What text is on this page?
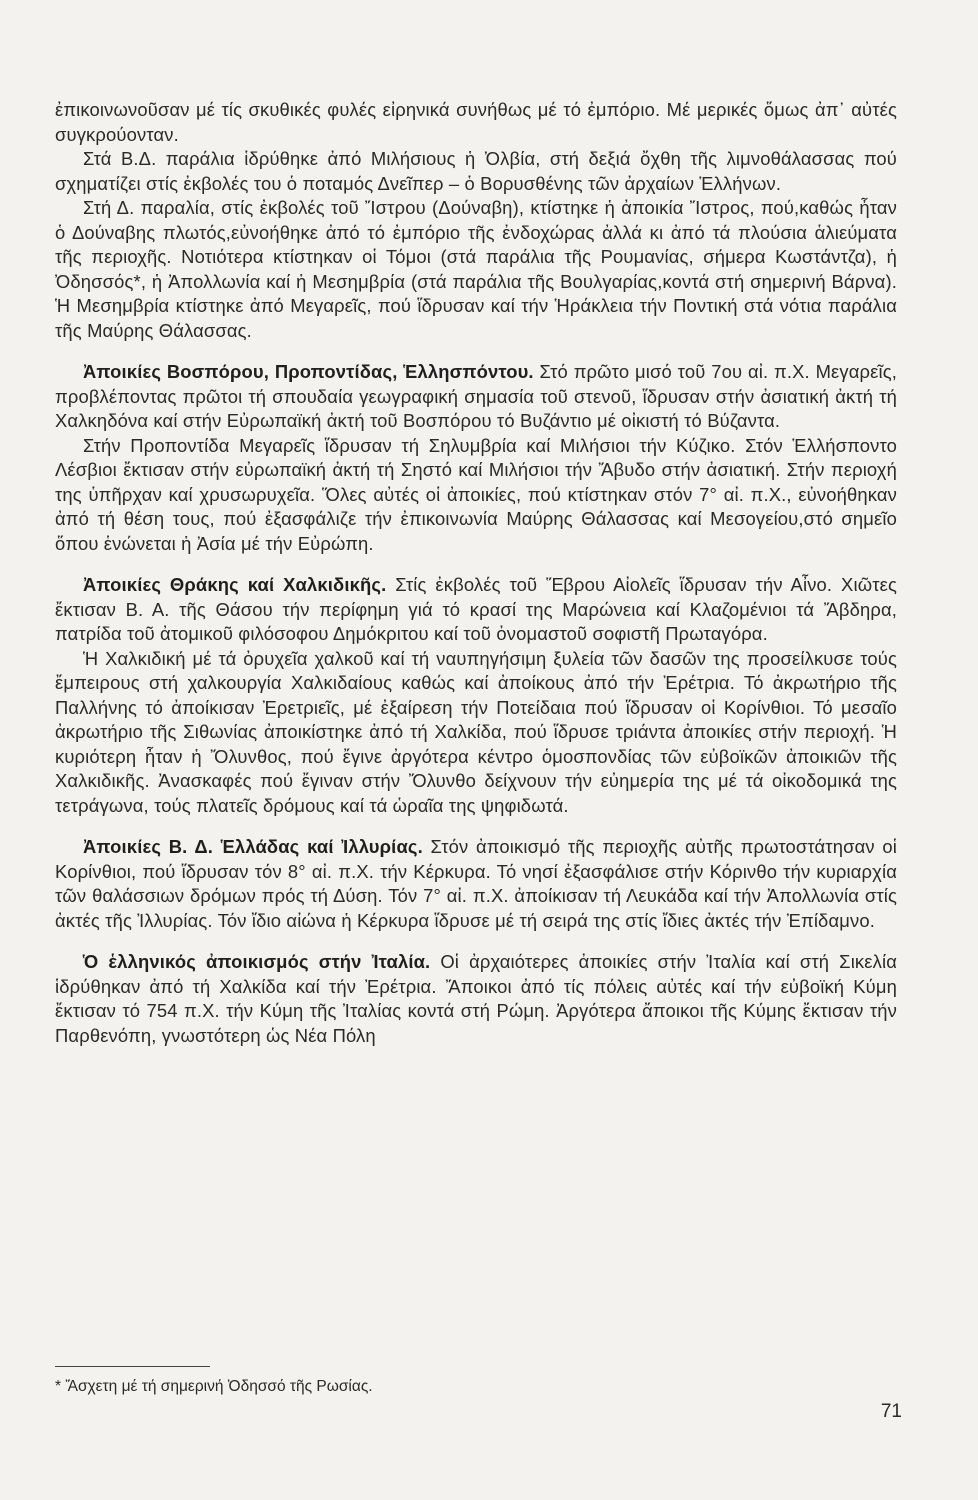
ἐπικοινωνοῦσαν μέ τίς σκυθικές φυλές εἰρηνικά συνήθως μέ τό ἐμπόριο. Μέ μερικές ὅμως ἀπ᾽ αὐτές συγκρούονταν.

Στά Β.Δ. παράλια ἱδρύθηκε ἀπό Μιλήσιους ἡ Ὀλβία, στή δεξιά ὄχθη τῆς λιμνοθάλασσας πού σχηματίζει στίς ἐκβολές του ὁ ποταμός Δνεῖπερ – ὁ Βορυσθένης τῶν ἀρχαίων Ἑλλήνων.

Στή Δ. παραλία, στίς ἐκβολές τοῦ Ἴστρου (Δούναβη), κτίστηκε ἡ ἀποικία Ἴστρος, πού,καθώς ἦταν ὁ Δούναβης πλωτός,εὐνοήθηκε ἀπό τό ἐμπόριο τῆς ἐνδοχώρας ἀλλά κι ἀπό τά πλούσια ἁλιεύματα τῆς περιοχῆς. Νοτιότερα κτίστηκαν οἱ Τόμοι (στά παράλια τῆς Ρουμανίας, σήμερα Κωστάντζα), ἡ Ὀδησσός*, ἡ Ἀπολλωνία καί ἡ Μεσημβρία (στά παράλια τῆς Βουλγαρίας,κοντά στή σημερινή Βάρνα). Ἡ Μεσημβρία κτίστηκε ἀπό Μεγαρεῖς, πού ἵδρυσαν καί τήν Ἡράκλεια τήν Ποντική στά νότια παράλια τῆς Μαύρης Θάλασσας.

Ἀποικίες Βοσπόρου, Προποντίδας, Ἑλλησπόντου. Στό πρῶτο μισό τοῦ 7ου αἰ. π.Χ. Μεγαρεῖς, προβλέποντας πρῶτοι τή σπουδαία γεωγραφική σημασία τοῦ στενοῦ, ἵδρυσαν στήν ἀσιατική ἀκτή τή Χαλκηδόνα καί στήν Εὐρωπαϊκή ἀκτή τοῦ Βοσπόρου τό Βυζάντιο μέ οἰκιστή τό Βύζαντα.

Στήν Προποντίδα Μεγαρεῖς ἵδρυσαν τή Σηλυμβρία καί Μιλήσιοι τήν Κύζικο. Στόν Ἑλλήσποντο Λέσβιοι ἔκτισαν στήν εὐρωπαϊκή ἀκτή τή Σηστό καί Μιλήσιοι τήν Ἄβυδο στήν ἀσιατική. Στήν περιοχή της ὑπῆρχαν καί χρυσωρυχεῖα. Ὅλες αὐτές οἱ ἀποικίες, πού κτίστηκαν στόν 7° αἰ. π.Χ., εὐνοήθηκαν ἀπό τή θέση τους, πού ἐξασφάλιζε τήν ἐπικοινωνία Μαύρης Θάλασσας καί Μεσογείου,στό σημεῖο ὅπου ἑνώνεται ἡ Ἀσία μέ τήν Εὐρώπη.

Ἀποικίες Θράκης καί Χαλκιδικῆς. Στίς ἐκβολές τοῦ Ἕβρου Αἰολεῖς ἵδρυσαν τήν Αἶνο. Χιῶτες ἔκτισαν Β. Α. τῆς Θάσου τήν περίφημη γιά τό κρασί της Μαρώνεια καί Κλαζομένιοι τά Ἄβδηρα, πατρίδα τοῦ ἀτομικοῦ φιλόσοφου Δημόκριτου καί τοῦ ὀνομαστοῦ σοφιστῆ Πρωταγόρα.

Ἡ Χαλκιδική μέ τά ὀρυχεῖα χαλκοῦ καί τή ναυπηγήσιμη ξυλεία τῶν δασῶν της προσείλκυσε τούς ἔμπειρους στή χαλκουργία Χαλκιδαίους καθώς καί ἀποίκους ἀπό τήν Ἐρέτρια. Τό ἀκρωτήριο τῆς Παλλήνης τό ἀποίκισαν Ἐρετριεῖς, μέ ἐξαίρεση τήν Ποτείδαια πού ἵδρυσαν οἱ Κορίνθιοι. Τό μεσαῖο ἀκρωτήριο τῆς Σιθωνίας ἀποικίστηκε ἀπό τή Χαλκίδα, πού ἵδρυσε τριάντα ἀποικίες στήν περιοχή. Ἡ κυριότερη ἦταν ἡ Ὄλυνθος, πού ἔγινε ἀργότερα κέντρο ὁμοσπονδίας τῶν εὐβοϊκῶν ἀποικιῶν τῆς Χαλκιδικῆς. Ἀνασκαφές πού ἔγιναν στήν Ὄλυνθο δείχνουν τήν εὐημερία της μέ τά οἰκοδομικά της τετράγωνα, τούς πλατεῖς δρόμους καί τά ὡραῖα της ψηφιδωτά.

Ἀποικίες Β. Δ. Ἑλλάδας καί Ἰλλυρίας. Στόν ἀποικισμό τῆς περιοχῆς αὐτῆς πρωτοστάτησαν οἱ Κορίνθιοι, πού ἵδρυσαν τόν 8° αἰ. π.Χ. τήν Κέρκυρα. Τό νησί ἐξασφάλισε στήν Κόρινθο τήν κυριαρχία τῶν θαλάσσιων δρόμων πρός τή Δύση. Τόν 7° αἰ. π.Χ. ἀποίκισαν τή Λευκάδα καί τήν Ἀπολλωνία στίς ἀκτές τῆς Ἰλλυρίας. Τόν ἴδιο αἰώνα ἡ Κέρκυρα ἵδρυσε μέ τή σειρά της στίς ἴδιες ἀκτές τήν Ἐπίδαμνο.

Ὁ ἑλληνικός ἀποικισμός στήν Ἰταλία. Οἱ ἀρχαιότερες ἀποικίες στήν Ἰταλία καί στή Σικελία ἱδρύθηκαν ἀπό τή Χαλκίδα καί τήν Ἐρέτρια. Ἄποικοι ἀπό τίς πόλεις αὐτές καί τήν εὐβοϊκή Κύμη ἔκτισαν τό 754 π.Χ. τήν Κύμη τῆς Ἰταλίας κοντά στή Ρώμη. Ἀργότερα ἄποικοι τῆς Κύμης ἔκτισαν τήν Παρθενόπη, γνωστότερη ὡς Νέα Πόλη

* Ἄσχετη μέ τή σημερινή Ὀδησσό τῆς Ρωσίας.
71
